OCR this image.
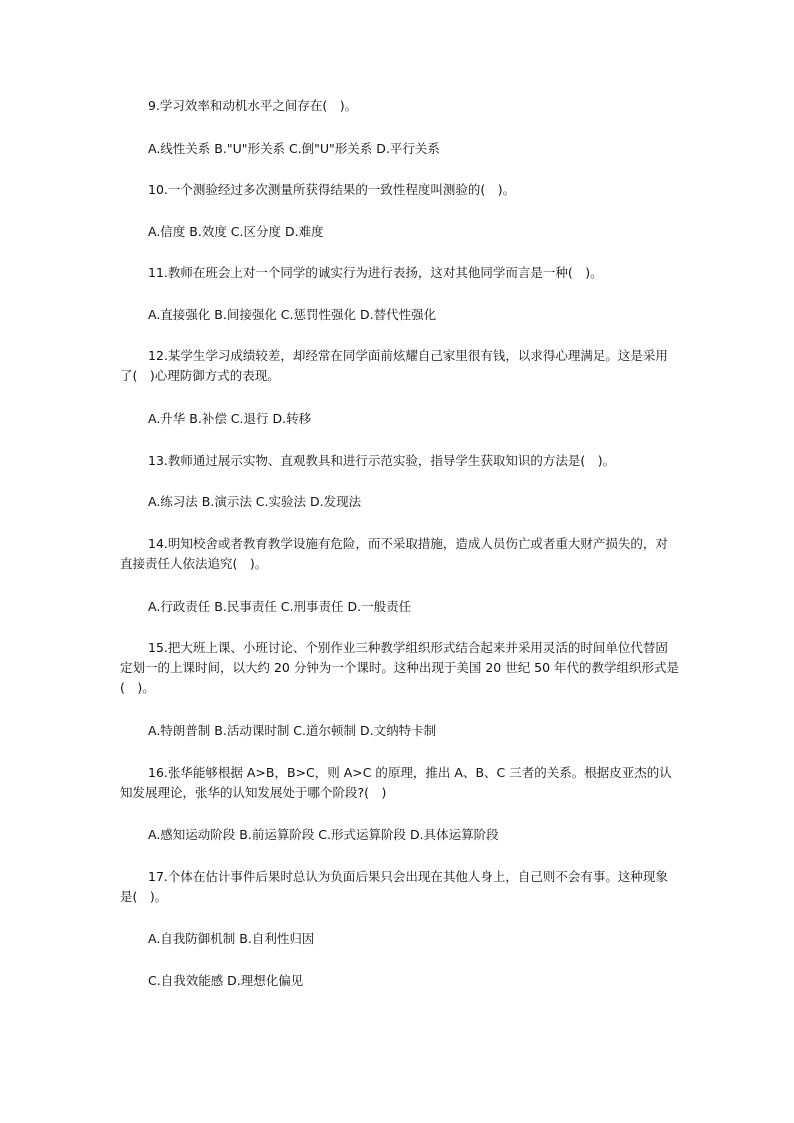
9.学习效率和动机水平之间存在(　)。

A.线性关系 B."U"形关系 C.倒"U"形关系 D.平行关系

10.一个测验经过多次测量所获得结果的一致性程度叫测验的(　)。

A.信度 B.效度 C.区分度 D.难度

11.教师在班会上对一个同学的诚实行为进行表扬，这对其他同学而言是一种(　)。

A.直接强化 B.间接强化 C.惩罚性强化 D.替代性强化

12.某学生学习成绩较差，却经常在同学面前炫耀自己家里很有钱，以求得心理满足。这是采用了(　)心理防御方式的表现。

A.升华 B.补偿 C.退行 D.转移

13.教师通过展示实物、直观教具和进行示范实验，指导学生获取知识的方法是(　)。

A.练习法 B.演示法 C.实验法 D.发现法

14.明知校舍或者教育教学设施有危险，而不采取措施，造成人员伤亡或者重大财产损失的，对直接责任人依法追究(　)。

A.行政责任 B.民事责任 C.刑事责任 D.一般责任

15.把大班上课、小班讨论、个别作业三种教学组织形式结合起来并采用灵活的时间单位代替固定划一的上课时间，以大约 20 分钟为一个课时。这种出现于美国 20 世纪 50 年代的教学组织形式是(　)。

A.特朗普制 B.活动课时制 C.道尔顿制 D.文纳特卡制

16.张华能够根据 A>B，B>C，则 A>C 的原理，推出 A、B、C 三者的关系。根据皮亚杰的认知发展理论，张华的认知发展处于哪个阶段?(　)

A.感知运动阶段 B.前运算阶段 C.形式运算阶段 D.具体运算阶段

17.个体在估计事件后果时总认为负面后果只会出现在其他人身上，自己则不会有事。这种现象是(　)。

A.自我防御机制 B.自利性归因

C.自我效能感 D.理想化偏见
